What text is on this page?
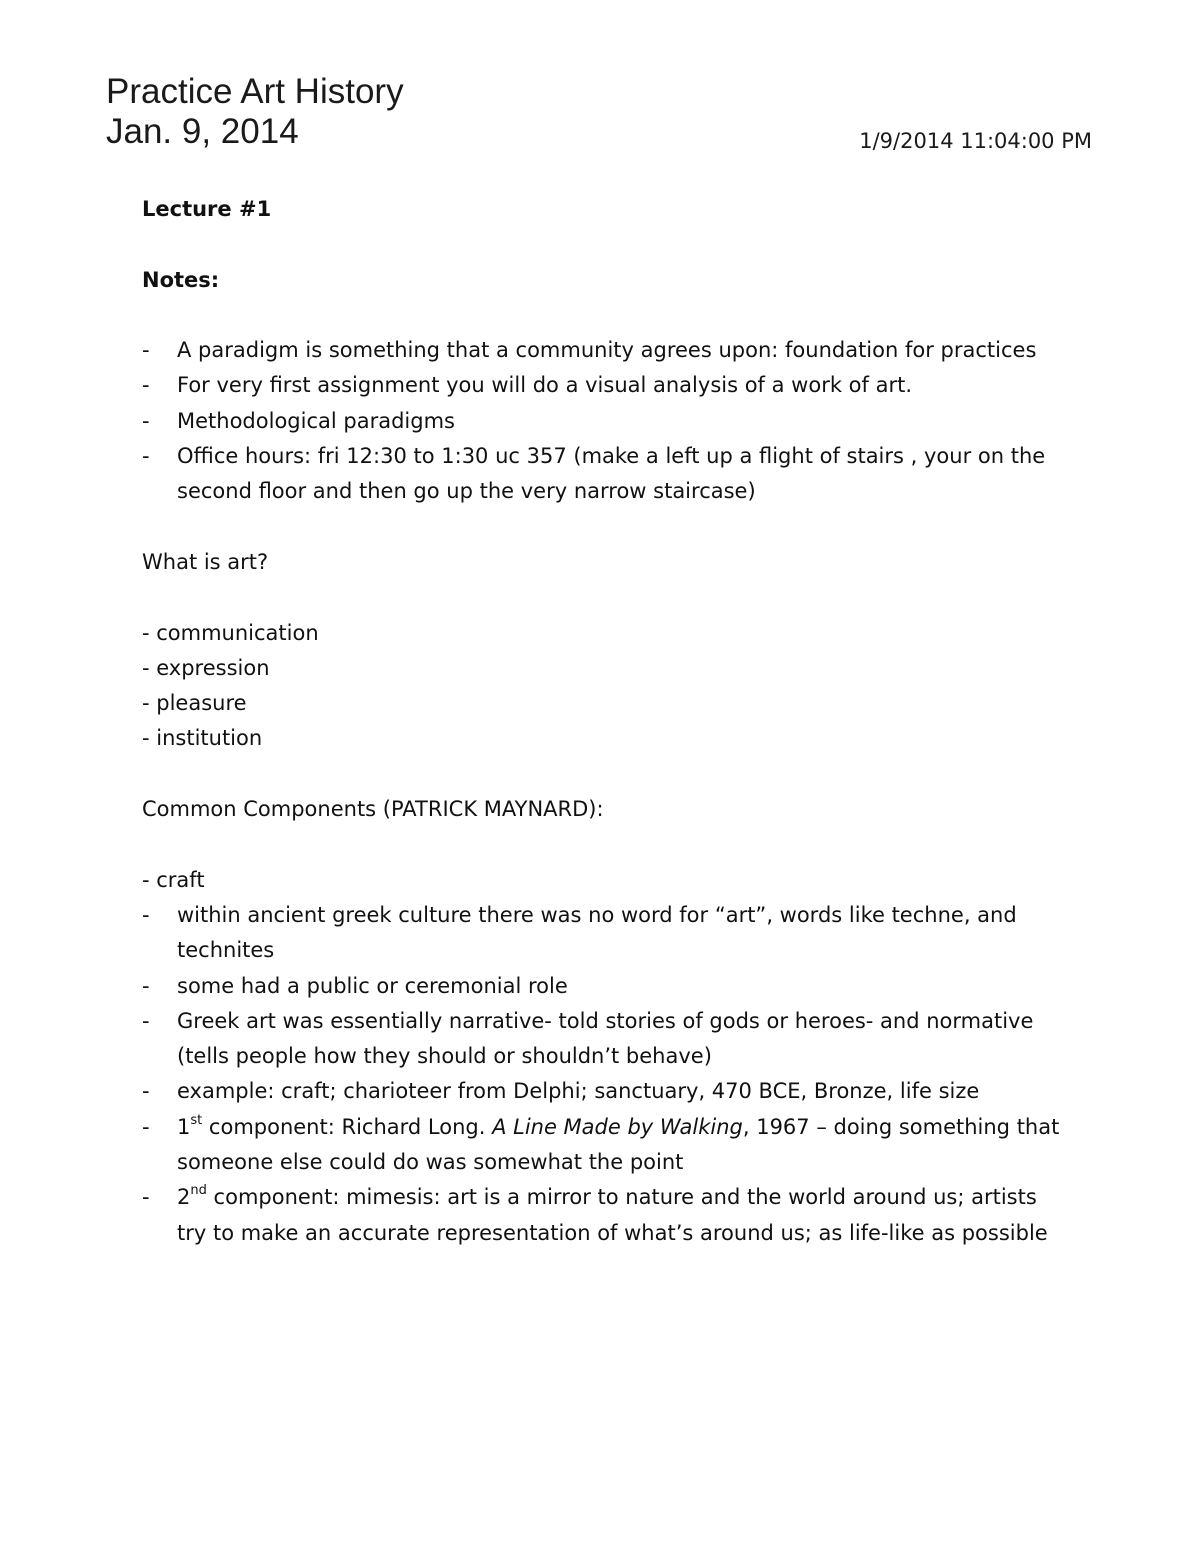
Practice Art History
Jan. 9, 2014	1/9/2014 11:04:00 PM

Lecture #1

Notes:

- A paradigm is something that a community agrees upon: foundation for practices
- For very first assignment you will do a visual analysis of a work of art.
- Methodological paradigms
- Office hours: fri 12:30 to 1:30 uc 357 (make a left up a flight of stairs , your on the second floor and then go up the very narrow staircase)

What is art?

- communication
- expression
- pleasure
- institution

Common Components (PATRICK MAYNARD):

- craft

- within ancient greek culture there was no word for “art”, words like techne, and technites
- some had a public or ceremonial role
- Greek art was essentially narrative- told stories of gods or heroes- and normative (tells people how they should or shouldn’t behave)
- example: craft; charioteer from Delphi; sanctuary, 470 BCE, Bronze, life size
- 1st component: Richard Long. A Line Made by Walking, 1967 – doing something that someone else could do was somewhat the point
- 2nd component: mimesis: art is a mirror to nature and the world around us; artists try to make an accurate representation of what’s around us; as life-like as possible
